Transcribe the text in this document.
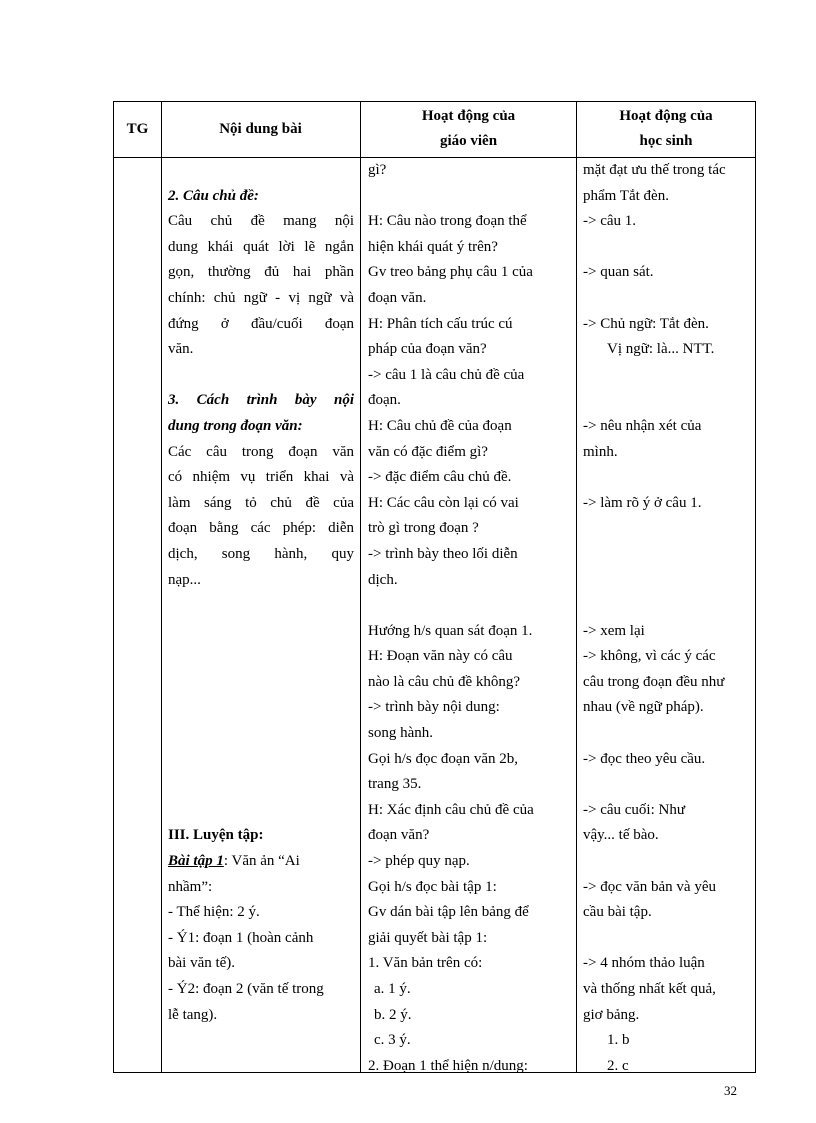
TG	Nội dung bài
Hoạt động của
giáo viên
Hoạt động của
học sinh
2. Câu chủ đề:
Câu chủ đề mang nội
dung khái quát lời lẽ ngắn
gọn, thường đủ hai phần
chính: chủ ngữ - vị ngữ và
đứng ở đầu/cuối đoạn
văn.
3. Cách trình bày nội
dung trong đoạn văn:
Các câu trong đoạn văn
có nhiệm vụ triển khai và
làm sáng tỏ chủ đề của
đoạn bằng các phép: diễn
dịch, song hành, quy
nạp...
III. Luyện tập:
Bài tập 1: Văn ản “Ai
nhầm”:
- Thể hiện: 2 ý.
- Ý1: đoạn 1 (hoàn cảnh
bài văn tế).
- Ý2: đoạn 2 (văn tế trong
lễ tang).
gì?
H: Câu nào trong đoạn thể
hiện khái quát ý trên?
Gv treo bảng phụ câu 1 của
đoạn văn.
H: Phân tích cấu trúc cú
pháp của đoạn văn?
-> câu 1 là câu chủ đề của
đoạn.
H: Câu chủ đề của đoạn
văn có đặc điểm gì?
-> đặc điểm câu chủ đề.
H: Các câu còn lại có vai
trò gì trong đoạn ?
-> trình bày theo lối diễn
dịch.
Hướng h/s quan sát đoạn 1.
H: Đoạn văn này có câu
nào là câu chủ đề không?
-> trình bày nội dung:
song hành.
Gọi h/s đọc đoạn văn 2b,
trang 35.
H: Xác định câu chủ đề của
đoạn văn?
-> phép quy nạp.
Gọi h/s đọc bài tập 1:
Gv dán bài tập lên bảng để
giải quyết bài tập 1:
1. Văn bản trên có:
a. 1 ý.
b. 2 ý.
c. 3 ý.
2. Đoạn 1 thể hiện n/dung:
mặt đạt ưu thế trong tác
phẩm Tắt đèn.
-> câu 1.
-> quan sát.
-> Chủ ngữ: Tắt đèn.
Vị ngữ: là... NTT.
-> nêu nhận xét của
mình.
-> làm rõ ý ở câu 1.
-> xem lại
-> không, vì các ý các
câu trong đoạn đều như
nhau (về ngữ pháp).
-> đọc theo yêu cầu.
-> câu cuối: Như
vậy... tế bào.
-> đọc văn bản và yêu
cầu bài tập.
-> 4 nhóm thảo luận
và thống nhất kết quả,
giơ bảng.
1. b
2. c
32
